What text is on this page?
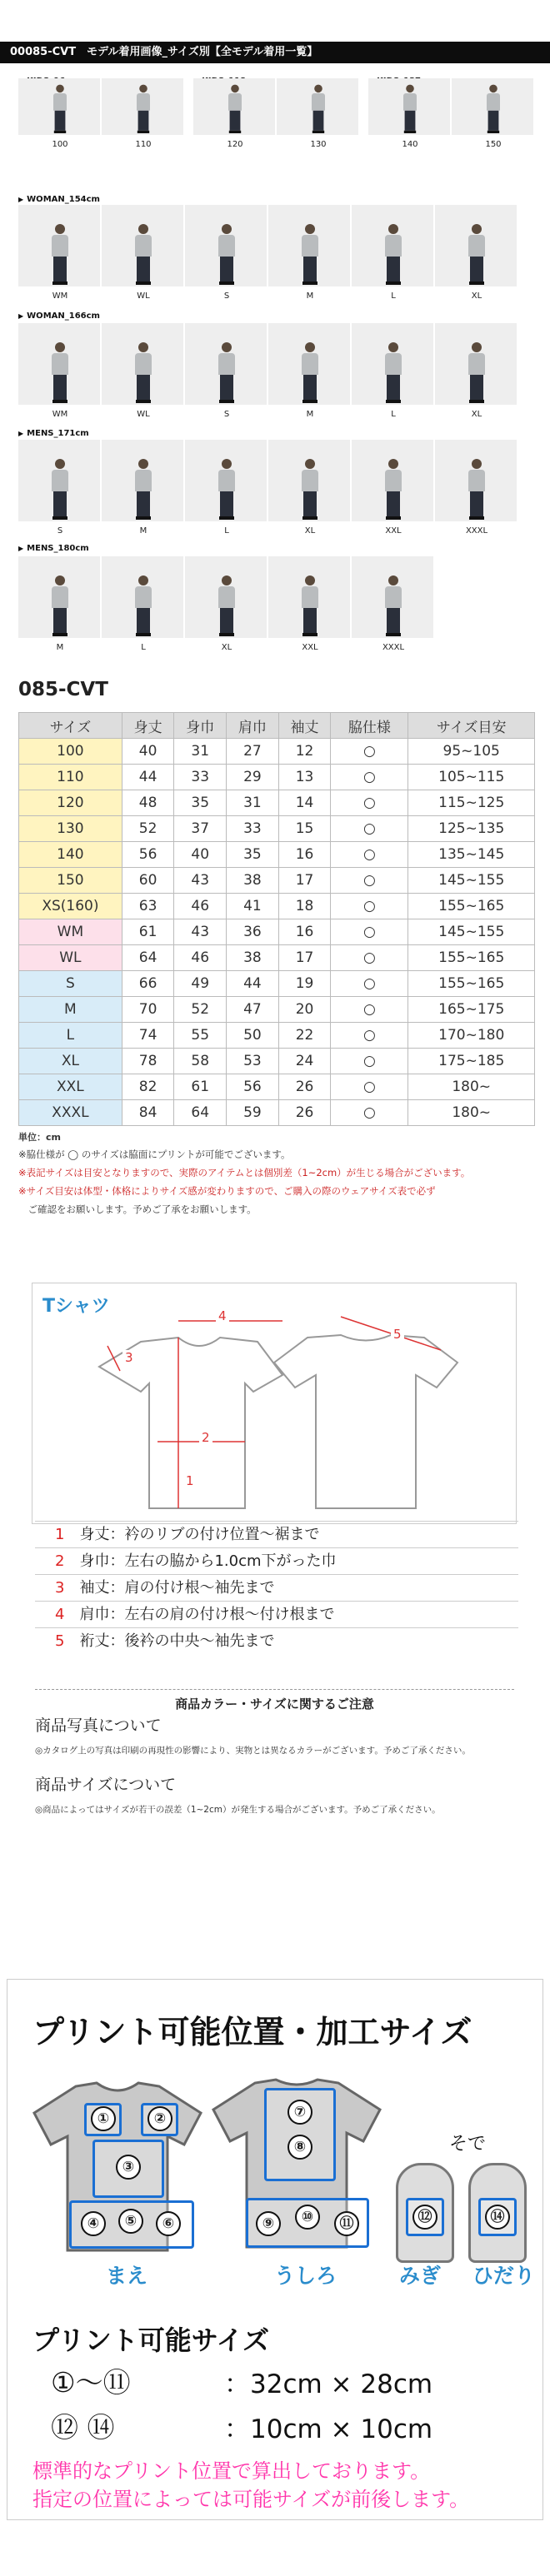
00085-CVT　モデル着用画像_サイズ別【全モデル着用一覧】
▶
100	110
▶	120	130
▶	140	150
▶ WOMAN_154cm
WM	WL	S	M	L	XL
▶ WOMAN_166cm
WM	WL	S	M	L	XL
▶ MENS_171cm
S	M	L	XL	XXL	XXXL
▶ MENS_180cm
M	L	XL	XXL	XXXL
085-CVT
サイズ	身丈	身巾	肩巾	袖丈	脇仕様	サイズ目安
100	40	31	27	12	○	95~105
110	44	33	29	13	○	105~115
120	48	35	31	14	○	115~125
130	52	37	33	15	○	125~135
140	56	40	35	16	○	135~145
150	60	43	38	17	○	145~155
XS(160)	63	46	41	18	○	155~165
WM	61	43	36	16	○	145~155
WL	64	46	38	17	○	155~165
S	66	49	44	19	○	155~165
M	70	52	47	20	○	165~175
L	74	55	50	22	○	170~180
XL	78	58	53	24	○	175~185
XXL	82	61	56	26	○	180~
XXXL	84	64	59	26	○	180~
単位：cm
※脇仕様が ◯ のサイズは脇面にプリントが可能でございます。
※表記サイズは目安となりますので、実際のアイテムとは個別差（1~2cm）が生じる場合がございます。
※サイズ目安は体型・体格によりサイズ感が変わりますので、ご購入の際のウェアサイズ表で必ず
　ご確認をお願いします。予めご了承をお願いします。
Tシャツ	4
2
1
3
5
1 身丈：衿のリブの付け位置～裾まで
2 身巾：左右の脇から1.0cm下がった巾
3 袖丈：肩の付け根～袖先まで
4 肩巾：左右の肩の付け根～付け根まで
5 裄丈：後衿の中央～袖先まで
商品カラー・サイズに関するご注意
商品写真について
◎カタログ上の写真は印刷の再現性の影響により、実物とは異なるカラーがございます。予めご了承ください。
商品サイズについて
◎商品によってはサイズが若干の誤差（1~2cm）が発生する場合がございます。予めご了承ください。
プリント可能位置・加工サイズ
①	②
③
④	⑤	⑥
⑦
⑧
⑨	⑩	⑪
そで
⑫	⑭
まえ	うしろ	みぎ ひだり
プリント可能サイズ
①～⑪	：32cm × 28cm
⑫ ⑭	：10cm × 10cm
標準的なプリント位置で算出しております。
指定の位置によっては可能サイズが前後します。
